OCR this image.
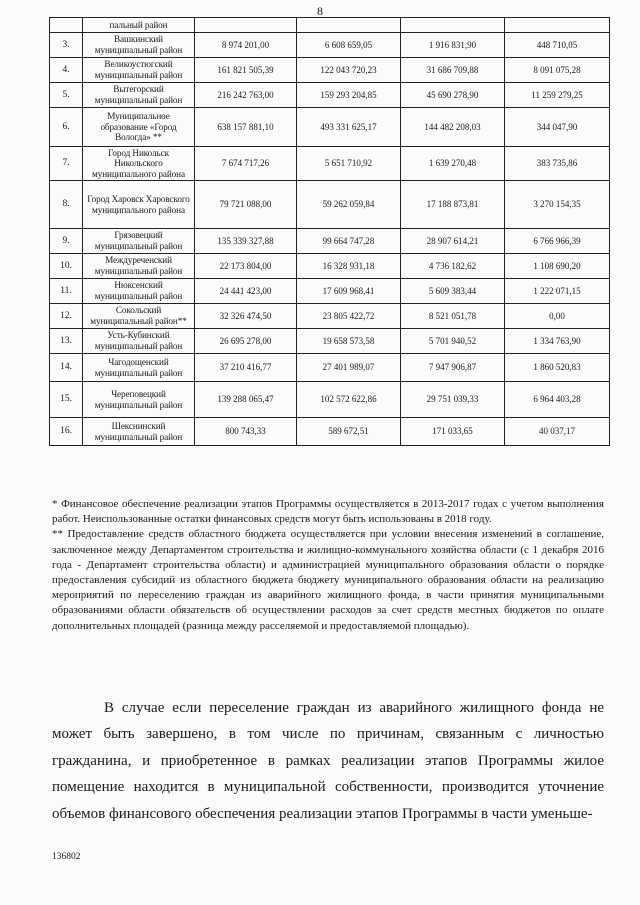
8
	пальный район				
3.	Вашкинский муниципальный район	8 974 201,00	6 608 659,05	1 916 831,90	448 710,05
4.	Великоустюгский муниципальный район	161 821 505,39	122 043 720,23	31 686 709,88	8 091 075,28
5.	Вытегорский муниципальный район	216 242 763,00	159 293 204,85	45 690 278,90	11 259 279,25
6.	Муниципальное образование «Город Вологда» **	638 157 881,10	493 331 625,17	144 482 208,03	344 047,90
7.	Город Никольск Никольского муниципального района	7 674 717,26	5 651 710,92	1 639 270,48	383 735,86
8.	Город Харовск Харовского муниципального района	79 721 088,00	59 262 059,84	17 188 873,81	3 270 154,35
9.	Грязовецкий муниципальный район	135 339 327,88	99 664 747,28	28 907 614,21	6 766 966,39
10.	Междуреченский муниципальный район	22 173 804,00	16 328 931,18	4 736 182,62	1 108 690,20
11.	Нюксенский муниципальный район	24 441 423,00	17 609 968,41	5 609 383,44	1 222 071,15
12.	Сокольский муниципальный район**	32 326 474,50	23 805 422,72	8 521 051,78	0,00
13.	Усть-Кубинский муниципальный район	26 695 278,00	19 658 573,58	5 701 940,52	1 334 763,90
14.	Чагодощенский муниципальный район	37 210 416,77	27 401 989,07	7 947 906,87	1 860 520,83
15.	Череповецкий муниципальный район	139 288 065,47	102 572 622,86	29 751 039,33	6 964 403,28
16.	Шекснинский муниципальный район	800 743,33	589 672,51	171 033,65	40 037,17

* Финансовое обеспечение реализации этапов Программы осуществляется в 2013-2017 годах с учетом выполнения работ. Неиспользованные остатки финансовых средств могут быть использованы в 2018 году.

** Предоставление средств областного бюджета осуществляется при условии внесения изменений в соглашение, заключенное между Департаментом строительства и жилищно-коммунального хозяйства области (с 1 декабря 2016 года - Департамент строительства области) и администрацией муниципального образования области о порядке предоставления субсидий из областного бюджета бюджету муниципального образования области на реализацию мероприятий по переселению граждан из аварийного жилищного фонда, в части принятия муниципальными образованиями области обязательств об осуществлении расходов за счет средств местных бюджетов по оплате дополнительных площадей (разница между расселяемой и предоставляемой площадью).

В случае если переселение граждан из аварийного жилищного фонда не может быть завершено, в том числе по причинам, связанным с личностью гражданина, и приобретенное в рамках реализации этапов Программы жилое помещение находится в муниципальной собственности, производится уточнение объемов финансового обеспечения реализации этапов Программы в части уменьше-

136802
